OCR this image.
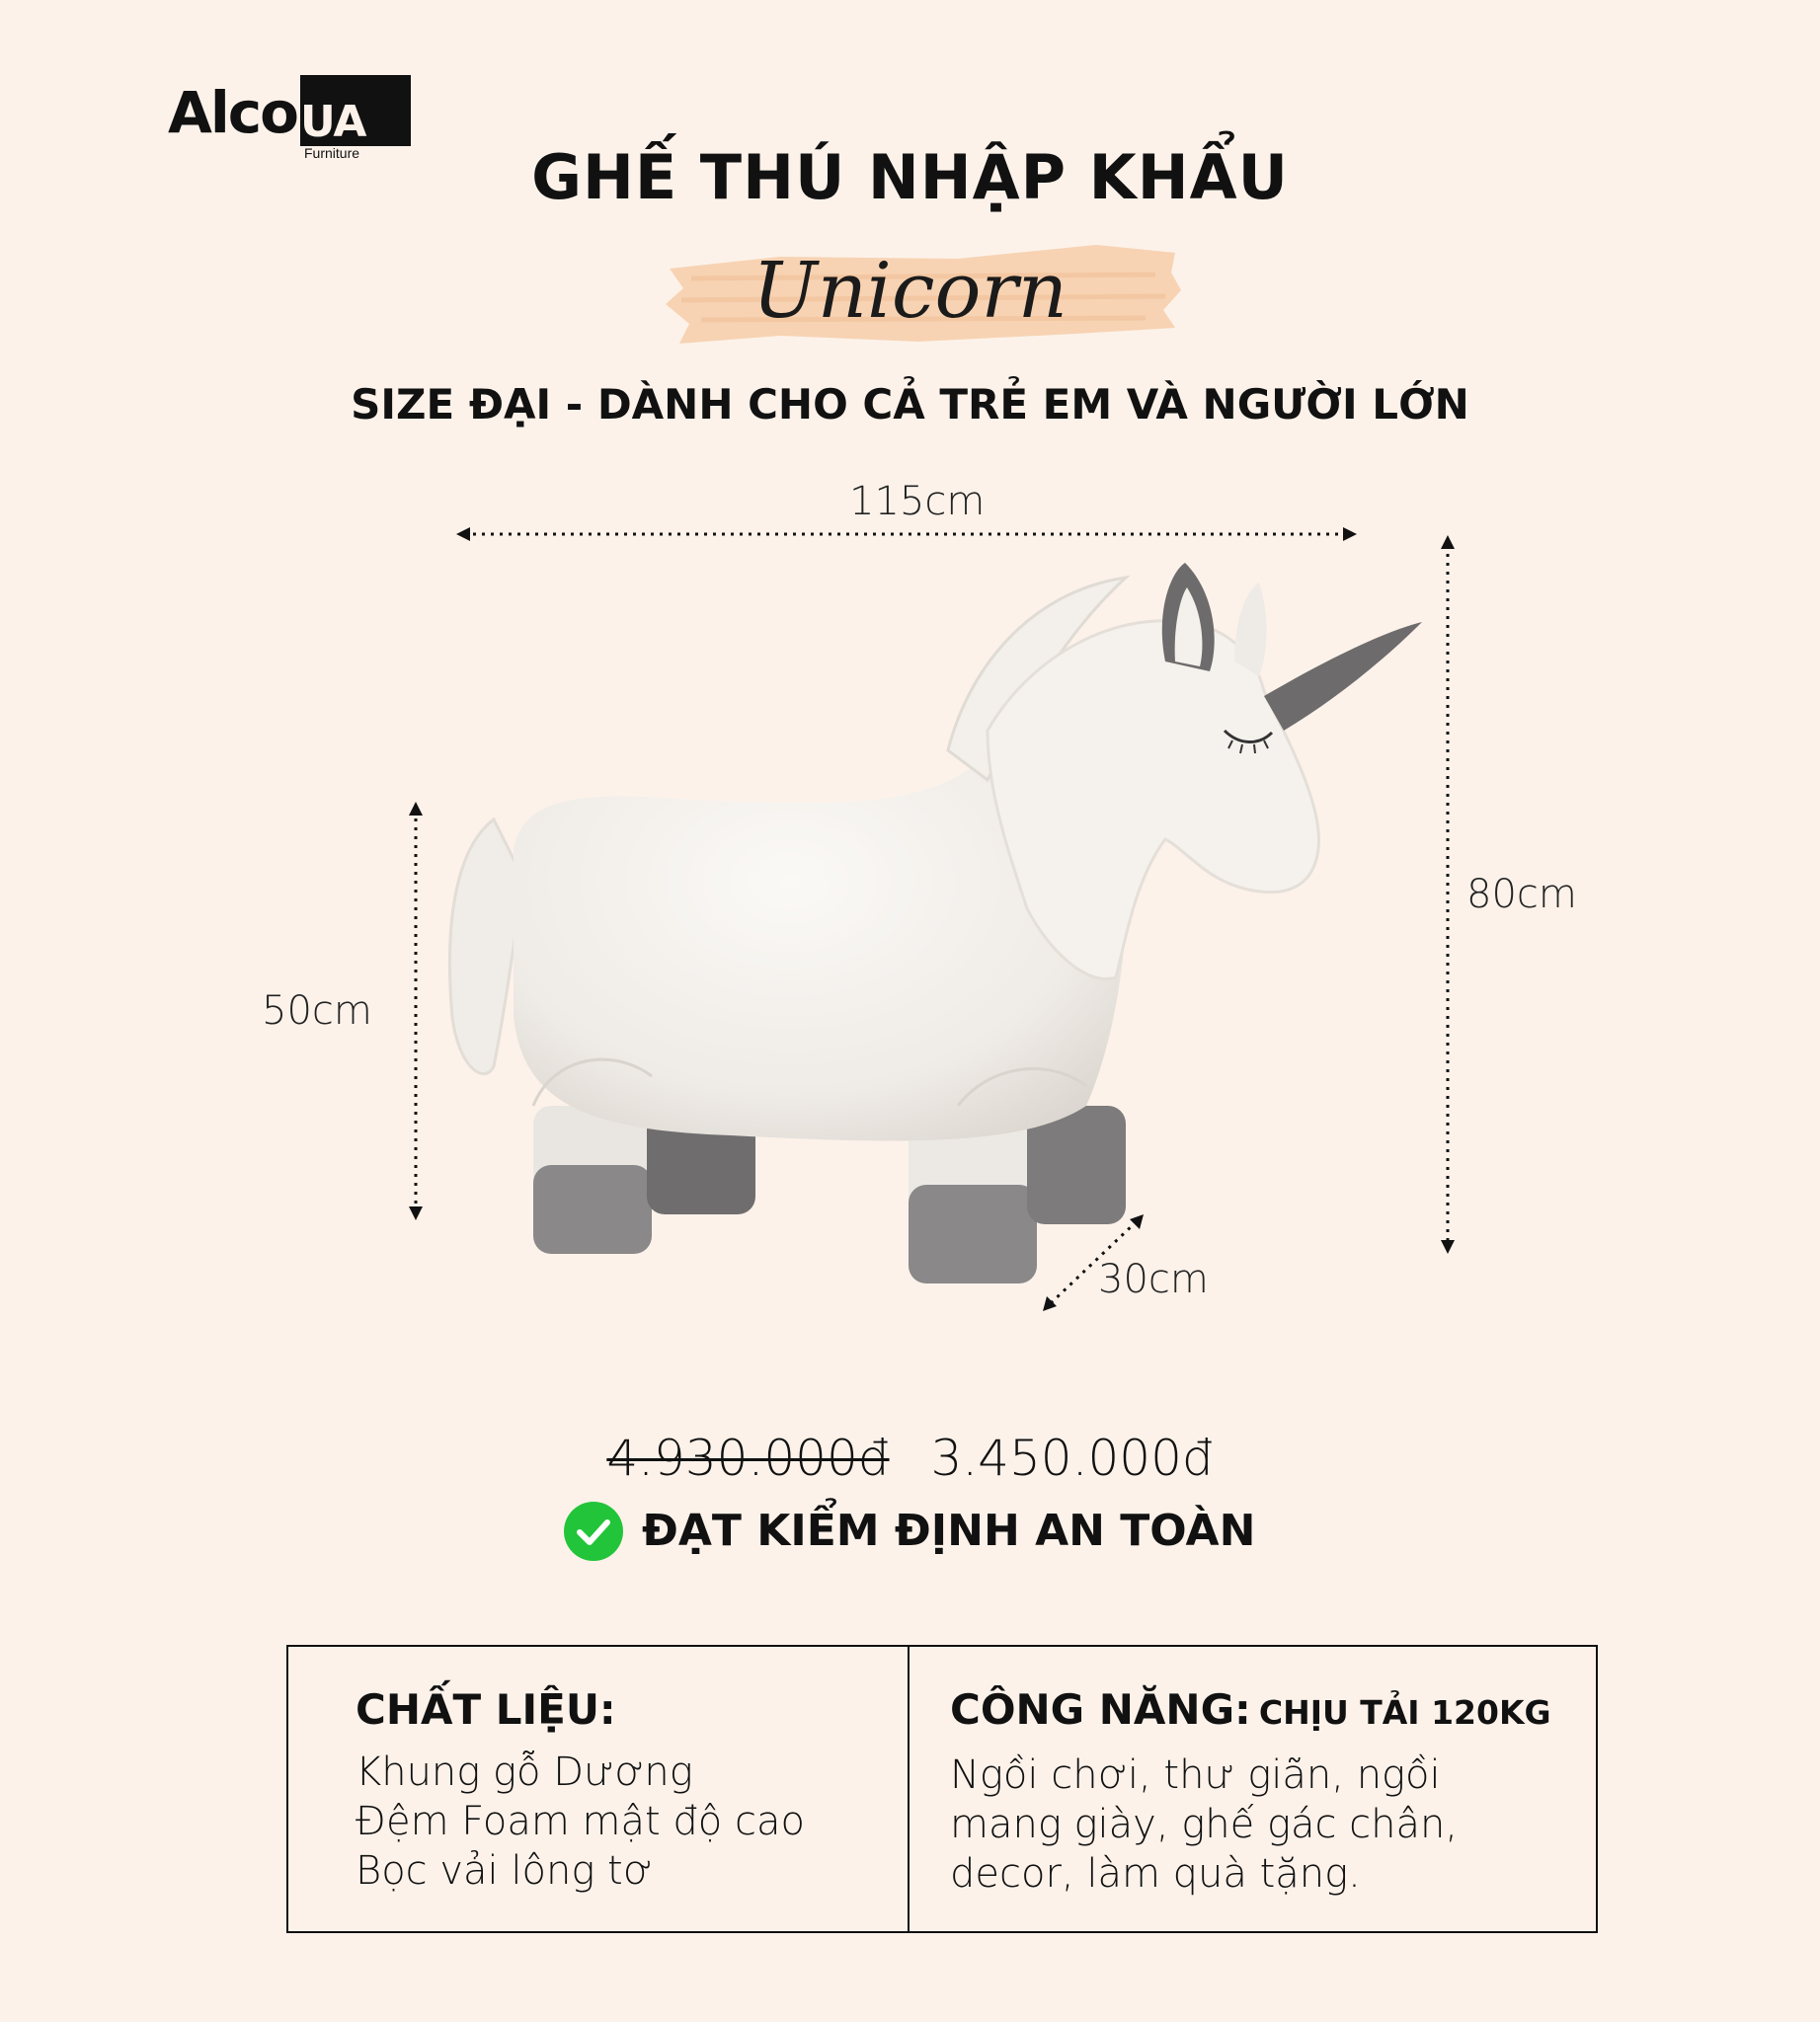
Alco UA
Furniture	GHẾ THÚ NHẬP KHẨU
Unicorn
SIZE ĐẠI - DÀNH CHO CẢ TRẺ EM VÀ NGƯỜI LỚN
115cm
80cm
50cm
30cm
4.930.000đ 3.450.000đ
ĐẠT KIỂM ĐỊNH AN TOÀN
CHẤT LIỆU:
Khung gỗ Dương
Đệm Foam mật độ cao
Bọc vải lông tơ
CÔNG NĂNG: CHỊU TẢI 120KG
Ngồi chơi, thư giãn, ngồi
mang giày, ghế gác chân,
decor, làm quà tặng.
